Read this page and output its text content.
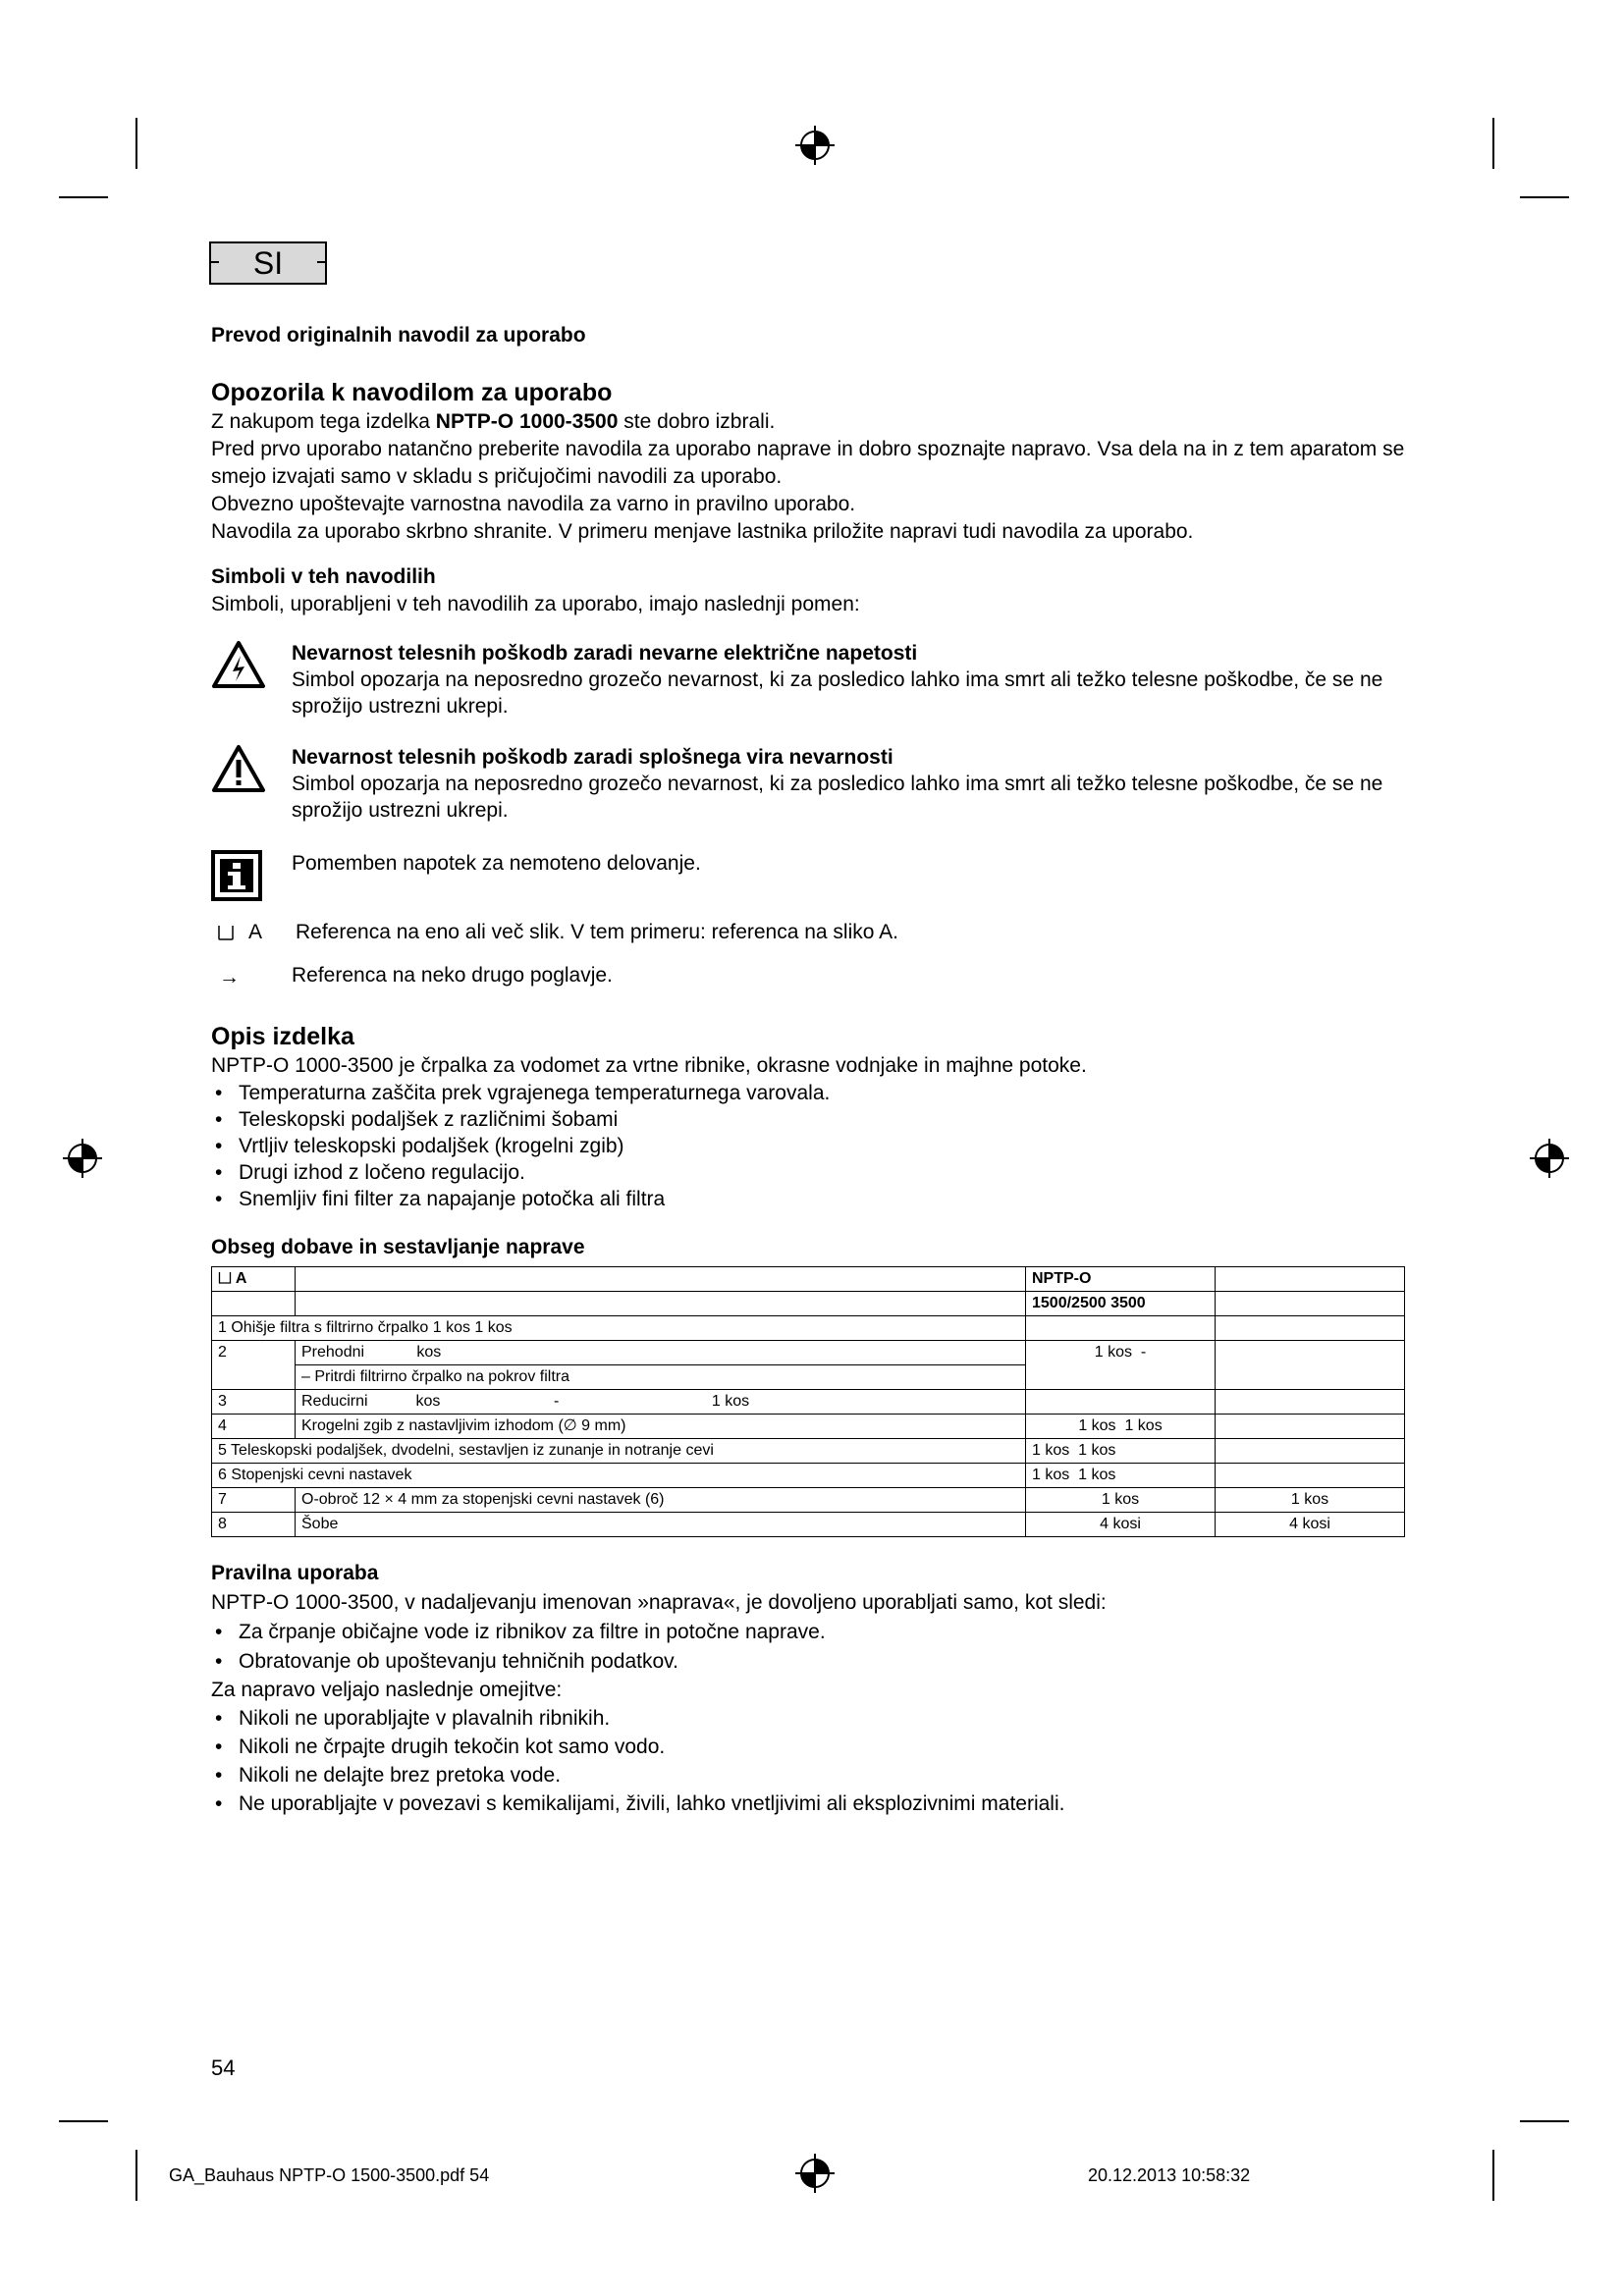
SI
Prevod originalnih navodil za uporabo
Opozorila k navodilom za uporabo
Z nakupom tega izdelka NPTP-O 1000-3500 ste dobro izbrali.
Pred prvo uporabo natančno preberite navodila za uporabo naprave in dobro spoznajte napravo. Vsa dela na in z tem aparatom se smejo izvajati samo v skladu s pričujočimi navodili za uporabo.
Obvezno upoštevajte varnostna navodila za varno in pravilno uporabo.
Navodila za uporabo skrbno shranite. V primeru menjave lastnika priložite napravi tudi navodila za uporabo.
Simboli v teh navodilih
Simboli, uporabljeni v teh navodilih za uporabo, imajo naslednji pomen:
Nevarnost telesnih poškodb zaradi nevarne električne napetosti
Simbol opozarja na neposredno grozečo nevarnost, ki za posledico lahko ima smrt ali težko telesne poškodbe, če se ne sprožijo ustrezni ukrepi.
Nevarnost telesnih poškodb zaradi splošnega vira nevarnosti
Simbol opozarja na neposredno grozečo nevarnost, ki za posledico lahko ima smrt ali težko telesne poškodbe, če se ne sprožijo ustrezni ukrepi.
Pomemben napotek za nemoteno delovanje.
A Referenca na eno ali več slik. V tem primeru: referenca na sliko A.
→	Referenca na neko drugo poglavje.
Opis izdelka
NPTP-O 1000-3500 je črpalka za vodomet za vrtne ribnike, okrasne vodnjake in majhne potoke.
• Temperaturna zaščita prek vgrajenega temperaturnega varovala.
• Teleskopski podaljšek z različnimi šobami
• Vrtljiv teleskopski podaljšek (krogelni zgib)
• Drugi izhod z ločeno regulacijo.
• Snemljiv fini filter za napajanje potočka ali filtra
Obseg dobave in sestavljanje naprave
A		NPTP-O	
		1500/2500 3500	
1 Ohišje filtra s filtrirno črpalko 1 kos 1 kos			
2	Prehodni            kos	1 kos  -	
	– Pritrdi filtrirno črpalko na pokrov filtra		
3	Reducirni           kos                          -                                   1 kos		
4	Krogelni zgib z nastavljivim izhodom (∅ 9 mm)	1 kos  1 kos	
5 Teleskopski podaljšek, dvodelni, sestavljen iz zunanje in notranje cevi		1 kos  1 kos	
6 Stopenjski cevni nastavek		1 kos  1 kos	
7	O-obroč 12 × 4 mm za stopenjski cevni nastavek (6)	1 kos	1 kos
8	Šobe	4 kosi	4 kosi
Pravilna uporaba
NPTP-O 1000-3500, v nadaljevanju imenovan »naprava«, je dovoljeno uporabljati samo, kot sledi:
• Za črpanje običajne vode iz ribnikov za filtre in potočne naprave.
• Obratovanje ob upoštevanju tehničnih podatkov.
Za napravo veljajo naslednje omejitve:
• Nikoli ne uporabljajte v plavalnih ribnikih.
• Nikoli ne črpajte drugih tekočin kot samo vodo.
• Nikoli ne delajte brez pretoka vode.
• Ne uporabljajte v povezavi s kemikalijami, živili, lahko vnetljivimi ali eksplozivnimi materiali.
54
GA_Bauhaus NPTP-O 1500-3500.pdf 54	20.12.2013 10:58:32
